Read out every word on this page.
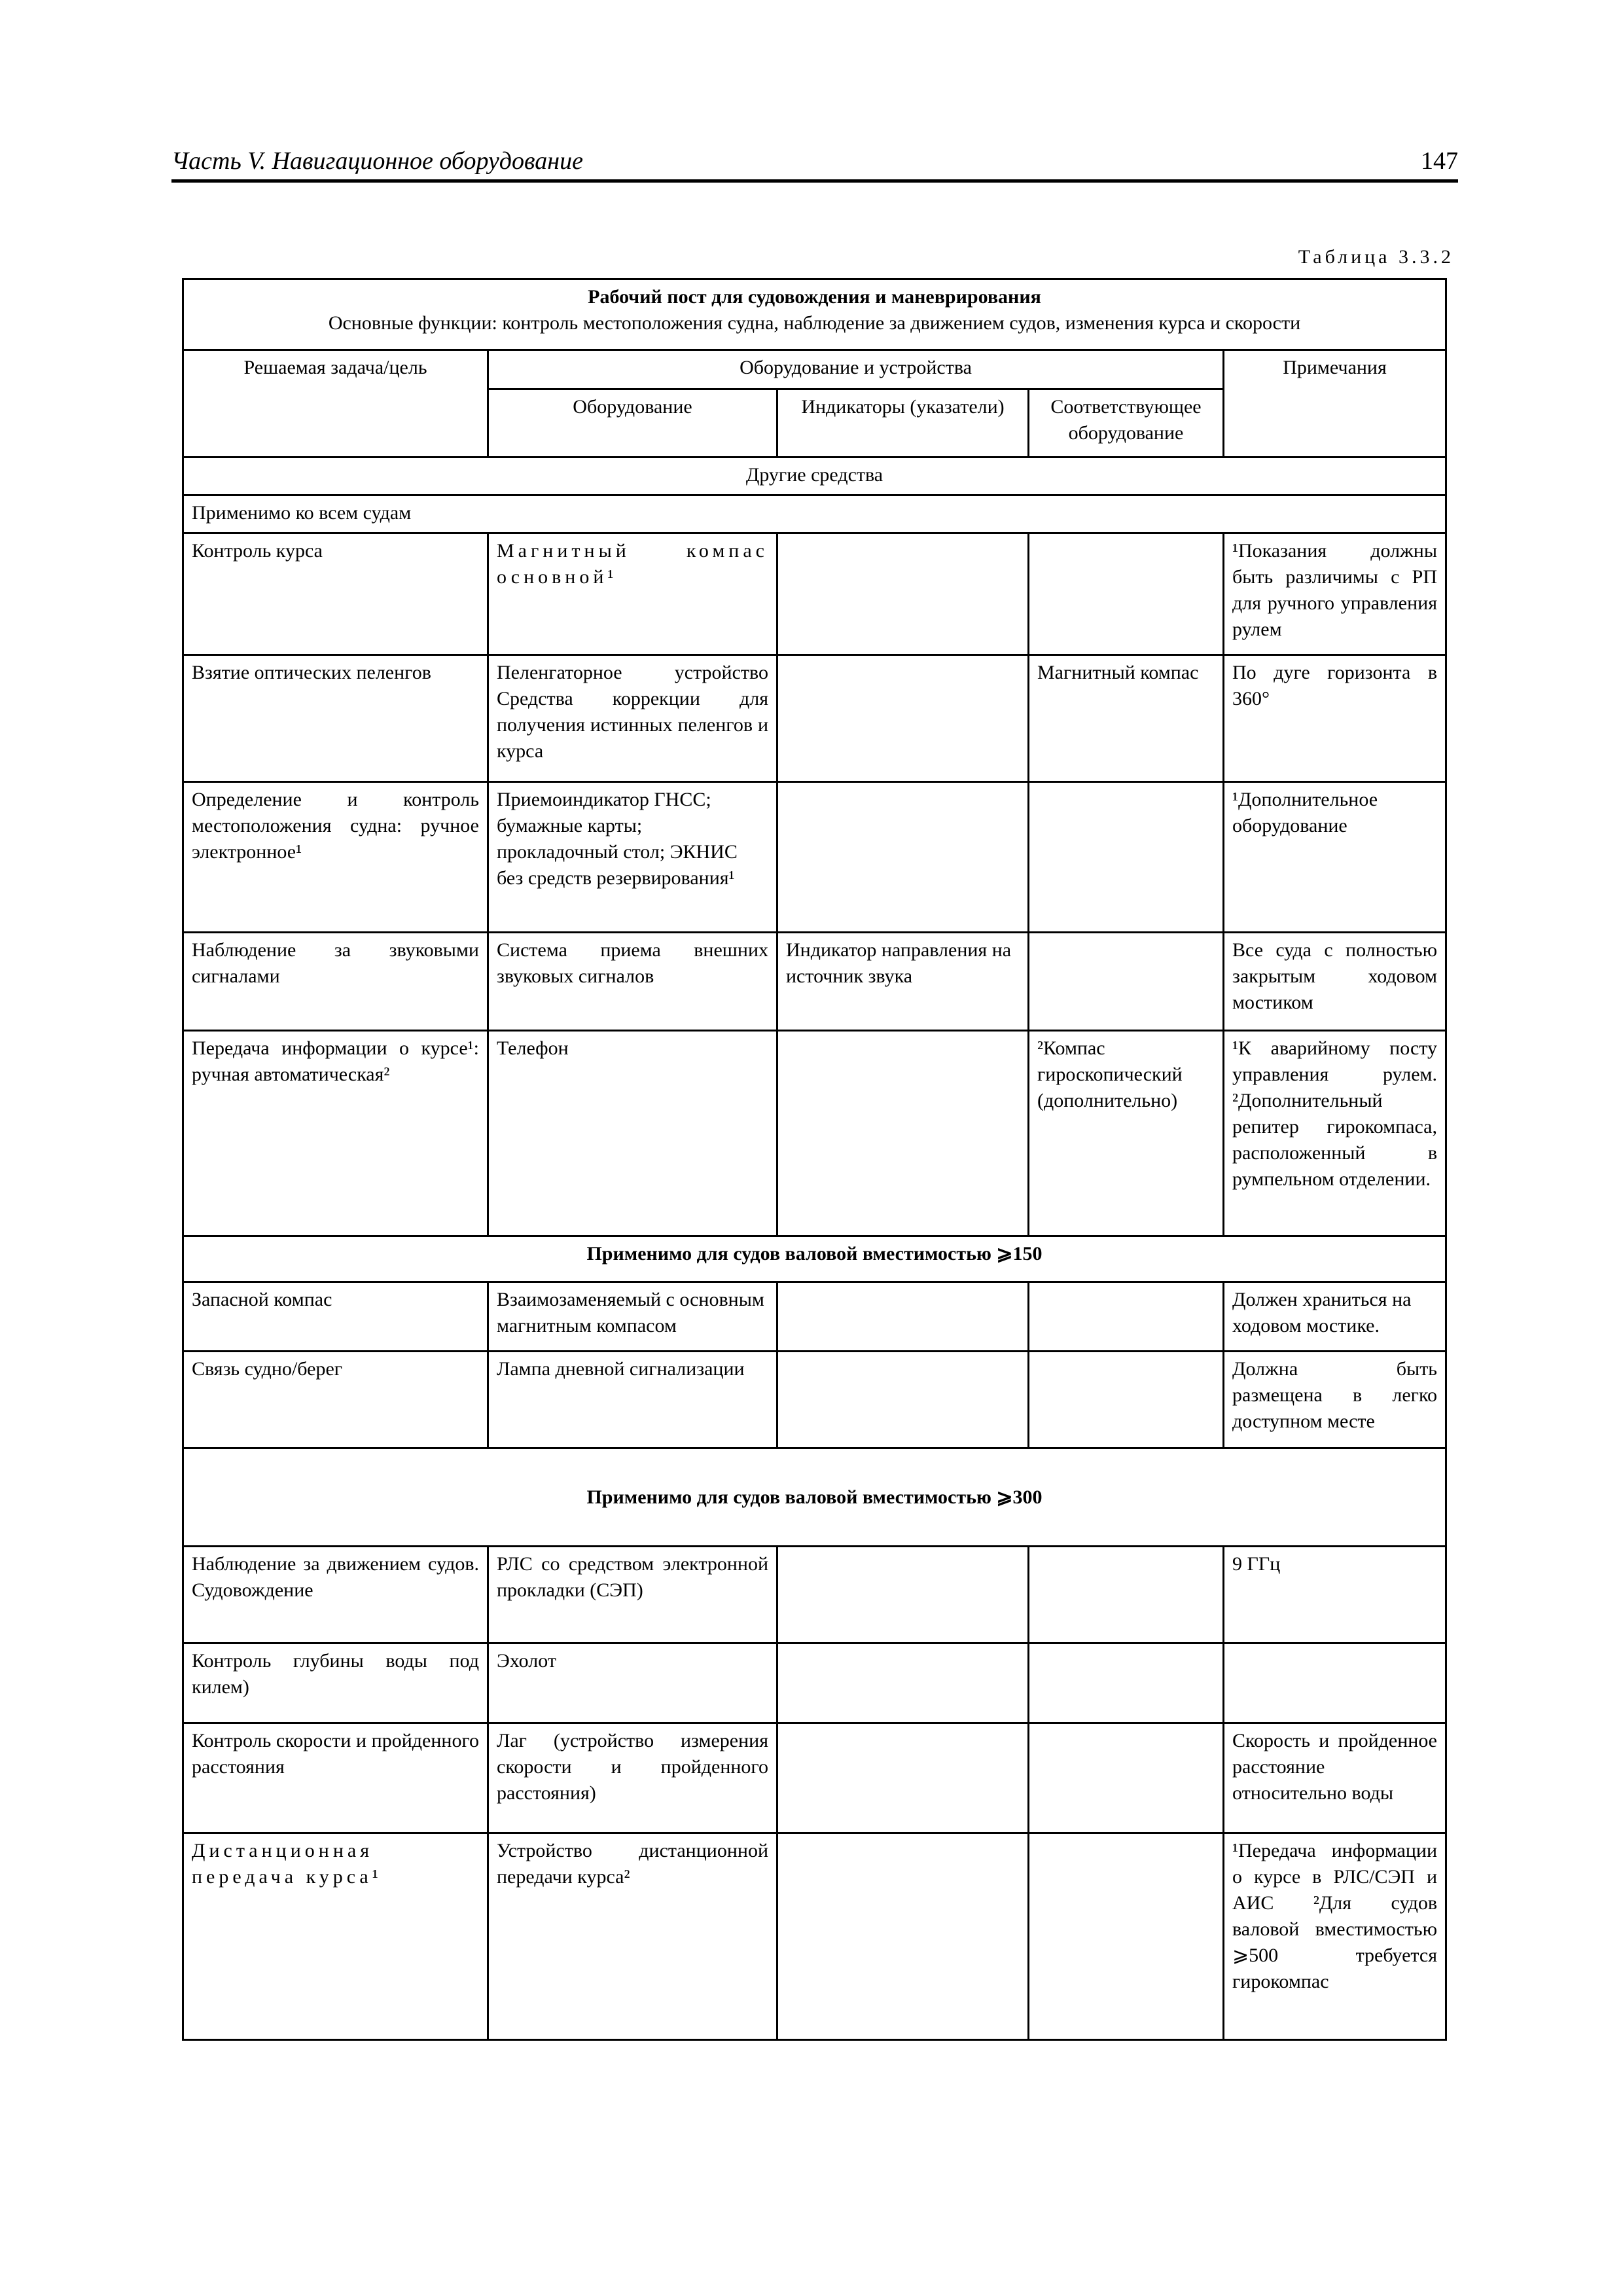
Часть V. Навигационное оборудование	147
Таблица 3.3.2
Рабочий пост для судовождения и маневрирования
Основные функции: контроль местоположения судна, наблюдение за движением судов, изменения курса и скорости				

Решаемая задача/цель	Оборудование и устройства			Примечания
	Оборудование	Индикаторы (указатели)	Соответствующее оборудование	
Другие средства				
Применимо ко всем судам				
Контроль курса	Магнитный компас основной¹			¹Показания должны быть различимы с РП для ручного управления рулем
Взятие оптических пеленгов	Пеленгаторное устройство Средства коррекции для получения истинных пеленгов и курса		Магнитный компас	По дуге горизонта в 360°
Определение и контроль местоположения судна: ручное электронное¹	Приемоиндикатор ГНСС; бумажные карты; прокладочный стол; ЭКНИС без средств резервирования¹			¹Дополнительное оборудование
Наблюдение за звуковыми сигналами	Система приема внешних звуковых сигналов	Индикатор направления на источник звука		Все суда с полностью закрытым ходовом мостиком
Передача информации о курсе¹: ручная автоматическая²	Телефон		²Компас гироскопический (дополнительно)	¹К аварийному посту управления рулем. ²Дополнительный репитер гирокомпаса, расположенный в румпельном отделении.
Применимо для судов валовой вместимостью ⩾150				
Запасной компас	Взаимозаменяемый с основным магнитным компасом			Должен храниться на ходовом мостике.
Связь судно/берег	Лампа дневной сигнализации			Должна быть размещена в легко доступном месте
Применимо для судов валовой вместимостью ⩾300				
Наблюдение за движением судов. Судовождение	РЛС со средством электронной прокладки (СЭП)			9 ГГц
Контроль глубины воды под килем)	Эхолот			
Контроль скорости и пройденного расстояния	Лаг (устройство измерения скорости и пройденного расстояния)			Скорость и пройденное расстояние относительно воды
Дистанционная передача курса¹	Устройство дистанционной передачи курса²			¹Передача информации о курсе в РЛС/СЭП и АИС ²Для судов валовой вместимостью ⩾500 требуется гирокомпас
